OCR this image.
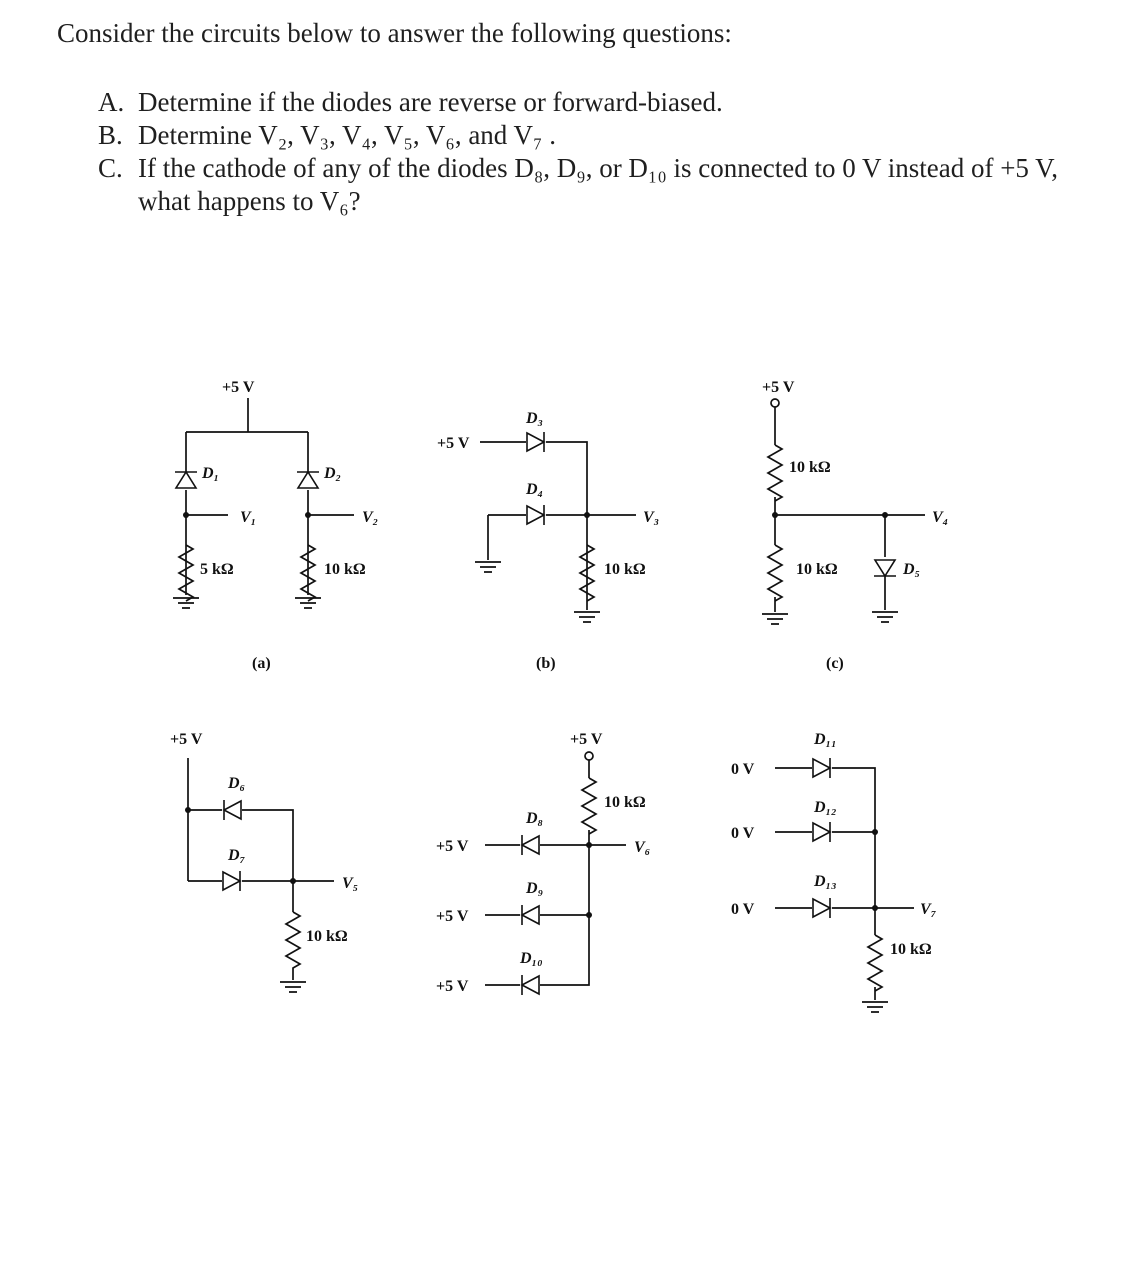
Consider the circuits below to answer the following questions:

A. Determine if the diodes are reverse or forward-biased.
B. Determine V₂, V₃, V₄, V₅, V₆, and V₇ .
C. If the cathode of any of the diodes D₈, D₉, or D₁₀ is connected to 0 V instead of +5 V, what happens to V₆?
+5 V
D₁	D₂
V₁	V₂
5 kΩ	10 kΩ
(a)
+5 V
D₃
D₄
V₃
10 kΩ
(b)
+5 V
10 kΩ
10 kΩ	D₅
V₄
(c)
+5 V
D₆
D₇
V₅
10 kΩ
+5 V
10 kΩ
D₈
D₉
D₁₀
+5 V
+5 V
+5 V
V₆
D₁₁
D₁₂
D₁₃
0 V
0 V
0 V	V₇
10 kΩ
